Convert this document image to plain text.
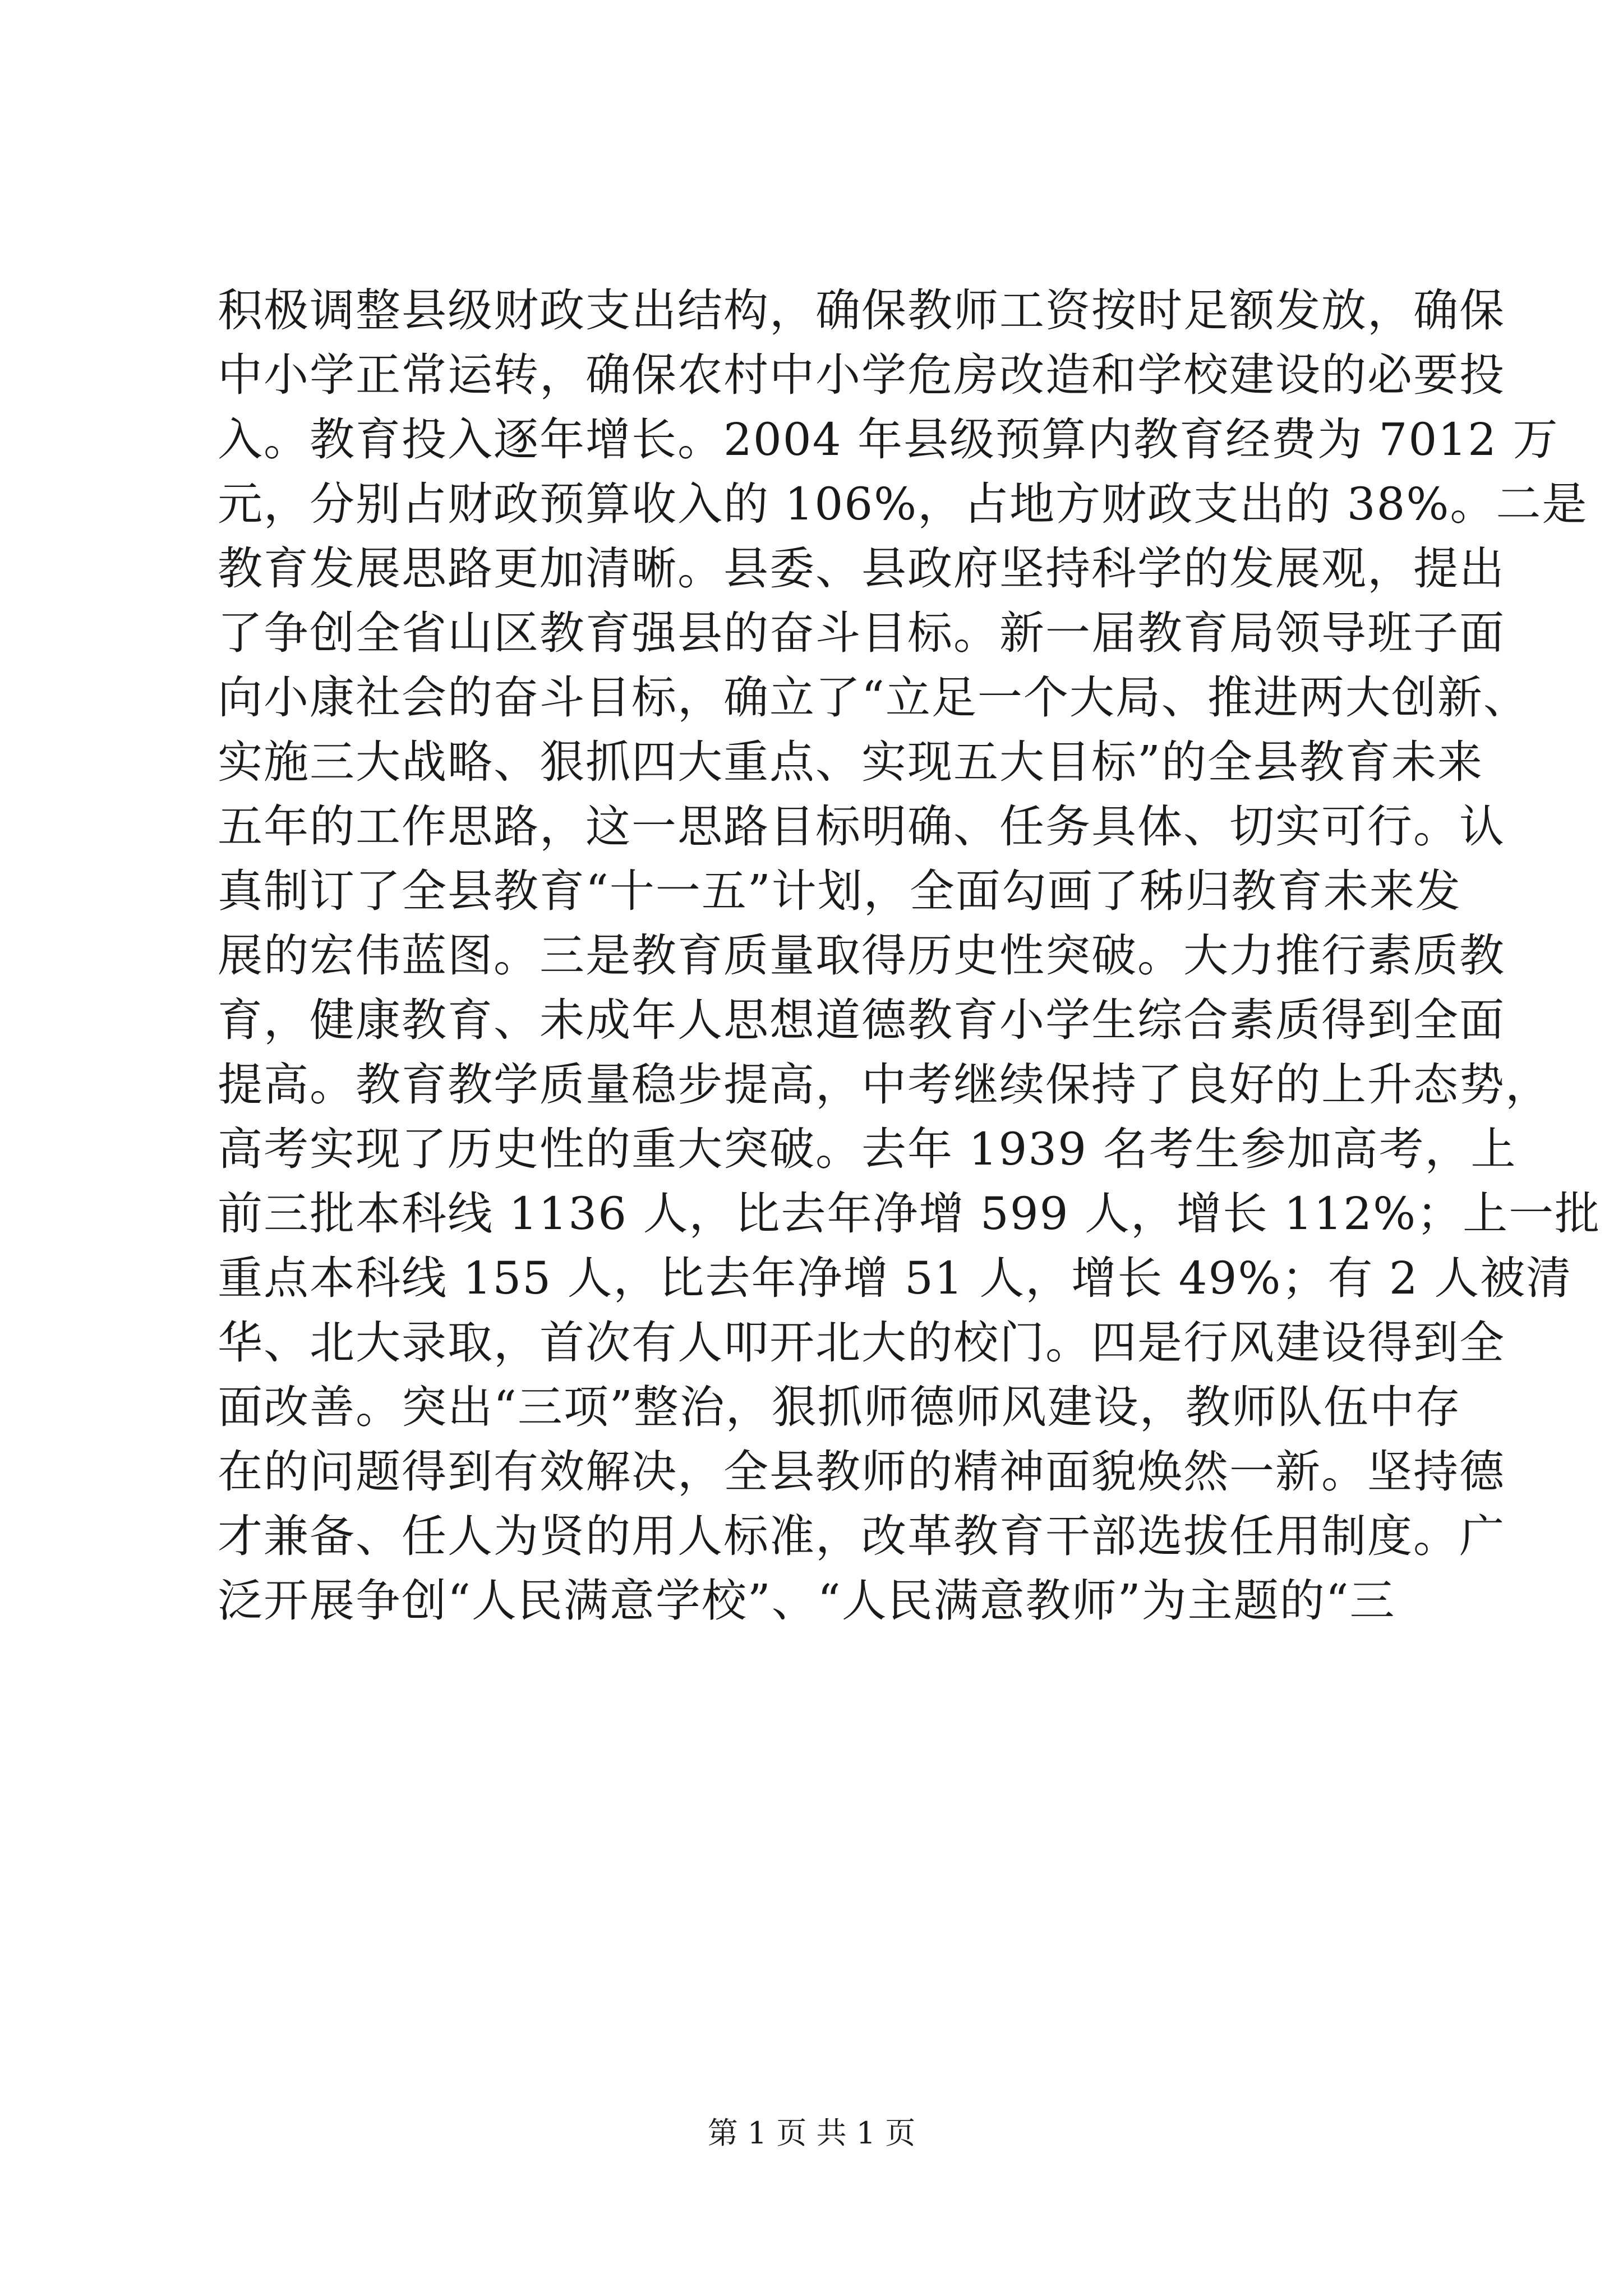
积极调整县级财政支出结构，确保教师工资按时足额发放，确保
中小学正常运转，确保农村中小学危房改造和学校建设的必要投
入。教育投入逐年增长。2004 年县级预算内教育经费为 7012 万
元，分别占财政预算收入的 106%，占地方财政支出的 38%。二是
教育发展思路更加清晰。县委、县政府坚持科学的发展观，提出
了争创全省山区教育强县的奋斗目标。新一届教育局领导班子面
向小康社会的奋斗目标，确立了“立足一个大局、推进两大创新、
实施三大战略、狠抓四大重点、实现五大目标”的全县教育未来
五年的工作思路，这一思路目标明确、任务具体、切实可行。认
真制订了全县教育“十一五”计划，全面勾画了秭归教育未来发
展的宏伟蓝图。三是教育质量取得历史性突破。大力推行素质教
育，健康教育、未成年人思想道德教育小学生综合素质得到全面
提高。教育教学质量稳步提高，中考继续保持了良好的上升态势，
高考实现了历史性的重大突破。去年 1939 名考生参加高考，上
前三批本科线 1136 人，比去年净增 599 人，增长 112%；上一批
重点本科线 155 人，比去年净增 51 人，增长 49%；有 2 人被清
华、北大录取，首次有人叩开北大的校门。四是行风建设得到全
面改善。突出“三项”整治，狠抓师德师风建设，教师队伍中存
在的问题得到有效解决，全县教师的精神面貌焕然一新。坚持德
才兼备、任人为贤的用人标准，改革教育干部选拔任用制度。广
泛开展争创“人民满意学校”、“人民满意教师”为主题的“三
第 1 页 共 1 页
